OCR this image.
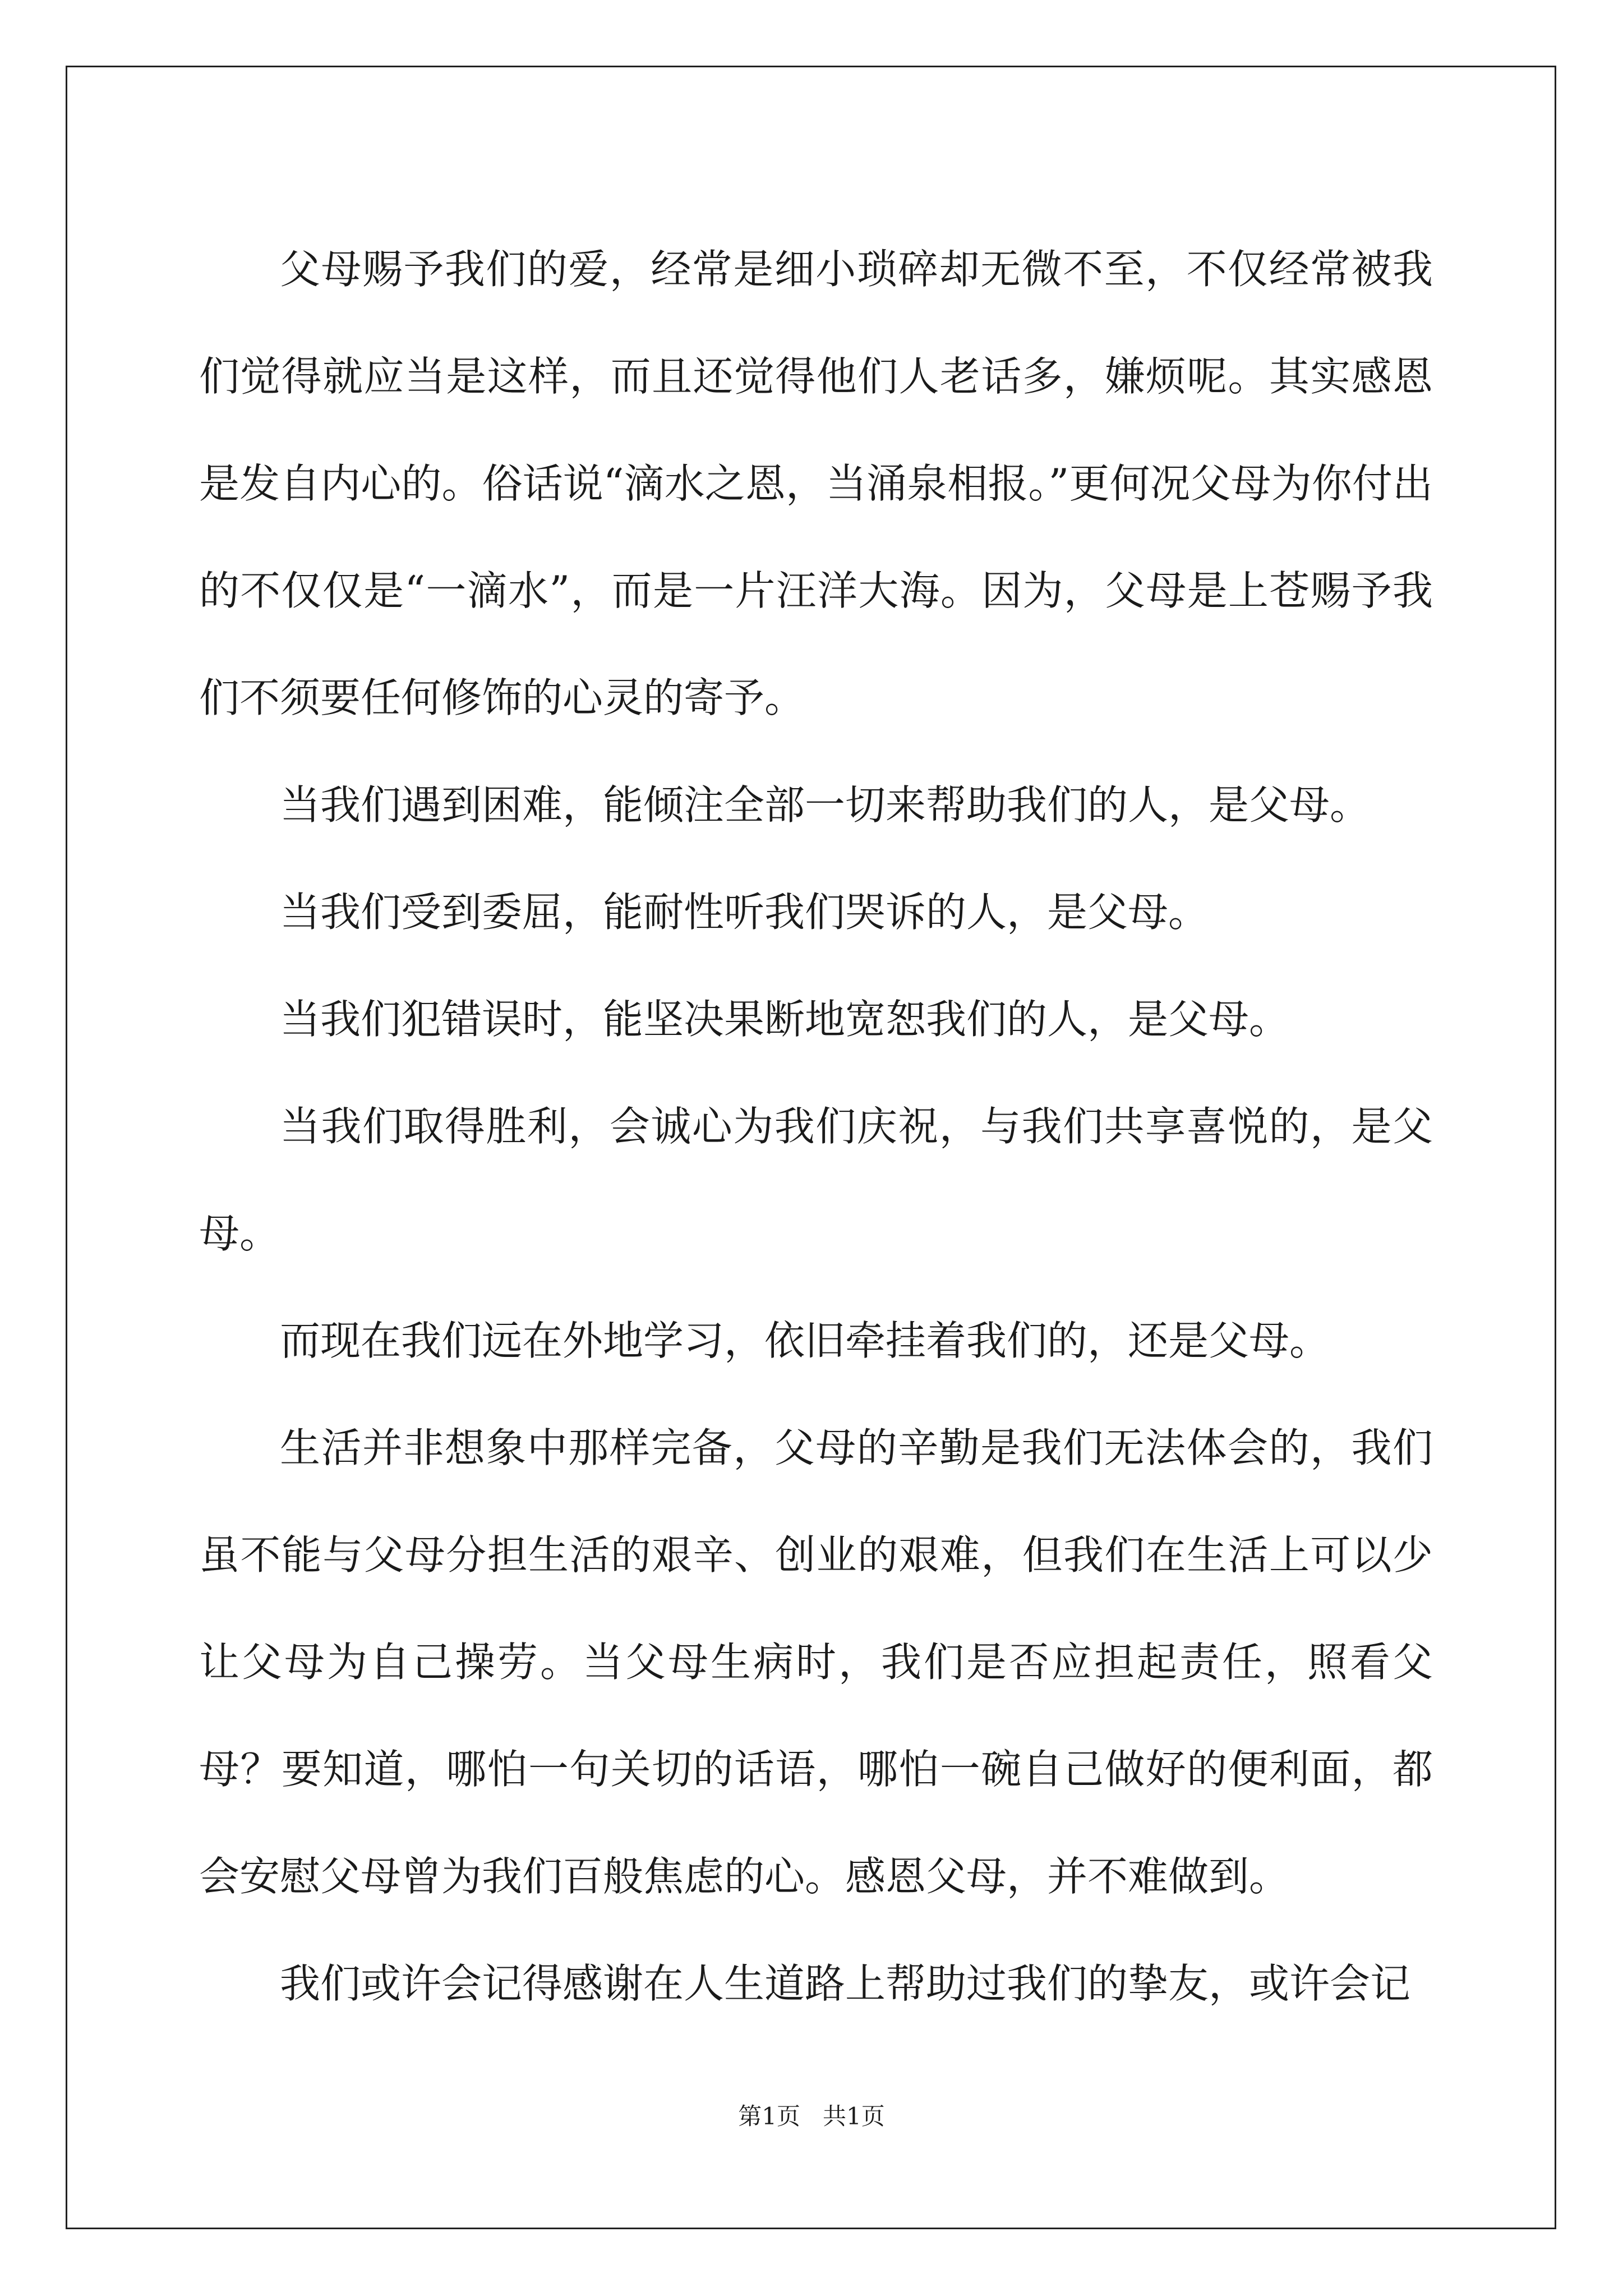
父母赐予我们的爱，经常是细小琐碎却无微不至，不仅经常被我们觉得就应当是这样，而且还觉得他们人老话多，嫌烦呢。其实感恩是发自内心的。俗话说“滴水之恩，当涌泉相报。”更何况父母为你付出的不仅仅是“一滴水”，而是一片汪洋大海。因为，父母是上苍赐予我们不须要任何修饰的心灵的寄予。

当我们遇到困难，能倾注全部一切来帮助我们的人，是父母。

当我们受到委屈，能耐性听我们哭诉的人，是父母。

当我们犯错误时，能坚决果断地宽恕我们的人，是父母。

当我们取得胜利，会诚心为我们庆祝，与我们共享喜悦的，是父母。

而现在我们远在外地学习，依旧牵挂着我们的，还是父母。

生活并非想象中那样完备，父母的辛勤是我们无法体会的，我们虽不能与父母分担生活的艰辛、创业的艰难，但我们在生活上可以少让父母为自己操劳。当父母生病时，我们是否应担起责任，照看父母？要知道，哪怕一句关切的话语，哪怕一碗自己做好的便利面，都会安慰父母曾为我们百般焦虑的心。感恩父母，并不难做到。

我们或许会记得感谢在人生道路上帮助过我们的挚友，或许会记

第1页   共1页
